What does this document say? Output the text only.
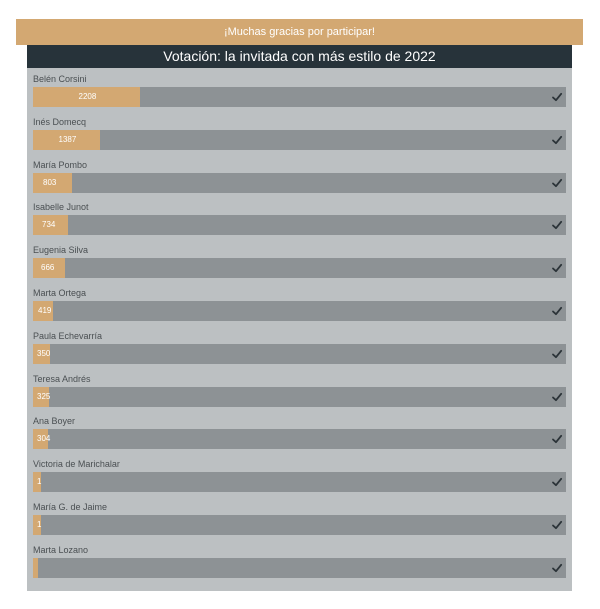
¡Muchas gracias por participar!
Votación: la invitada con más estilo de 2022
Belén Corsini
2208
Inés Domecq
1387
María Pombo
803
Isabelle Junot
734
Eugenia Silva
666
Marta Ortega
419
Paula Echevarría
350
Teresa Andrés
325
Ana Boyer
304
Victoria de Marichalar
1
María G. de Jaime
1
Marta Lozano
